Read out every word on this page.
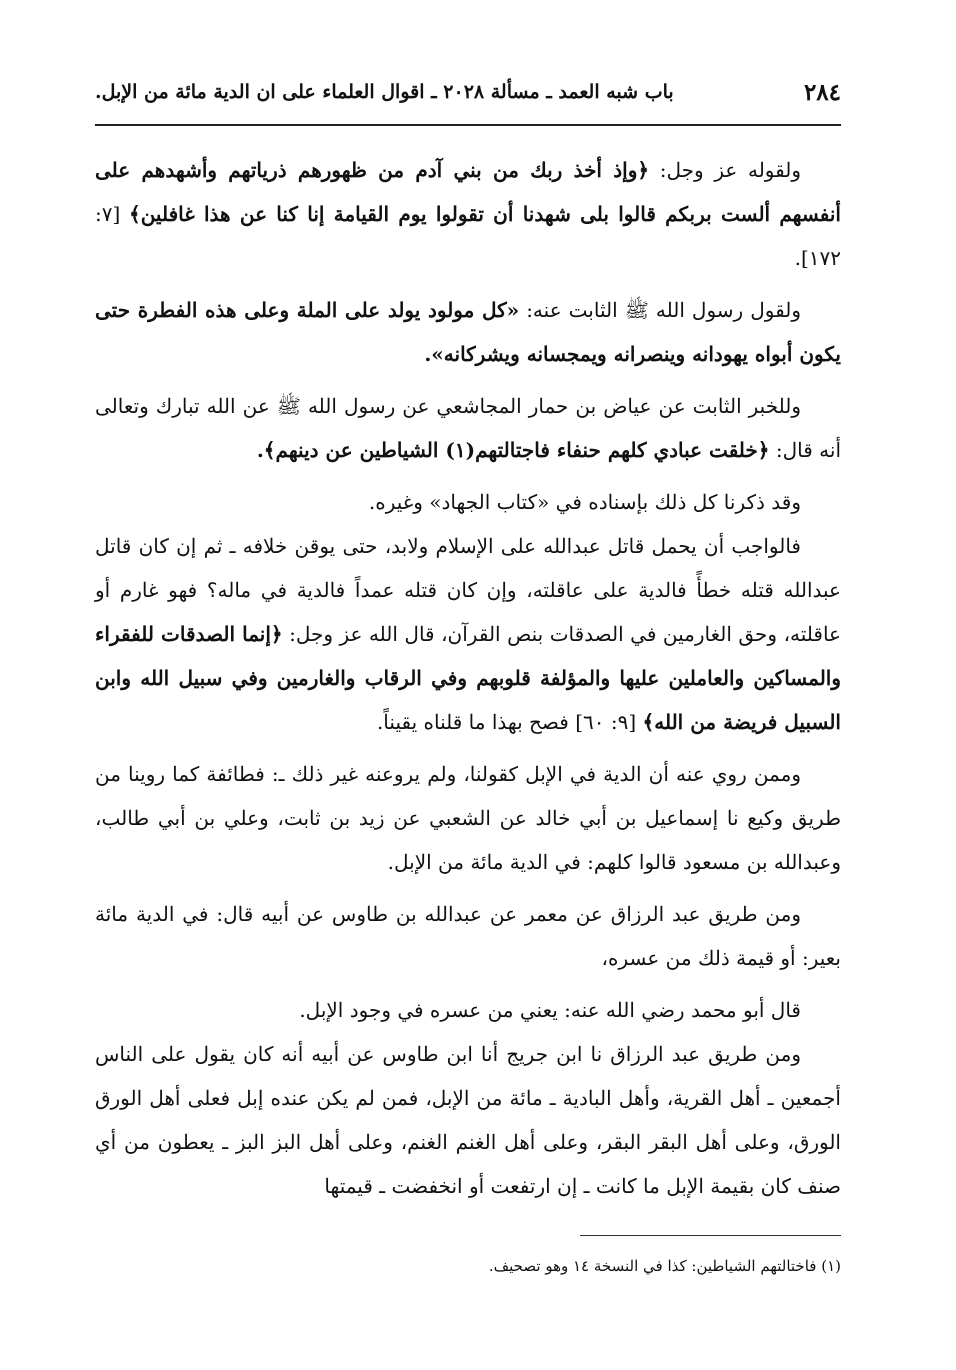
٢٨٤
باب شبه العمد ـ مسألة ٢٠٢٨ ـ اقوال العلماء على ان الدية مائة من الإبل.

ولقوله عز وجل: ﴿وإذ أخذ ربك من بني آدم من ظهورهم ذرياتهم وأشهدهم على أنفسهم ألست بربكم قالوا بلى شهدنا أن تقولوا يوم القيامة إنا كنا عن هذا غافلين﴾ [٧: ١٧٢].

ولقول رسول الله ﷺ الثابت عنه: «كل مولود يولد على الملة وعلى هذه الفطرة حتى يكون أبواه يهودانه وينصرانه ويمجسانه ويشركانه».

وللخبر الثابت عن عياض بن حمار المجاشعي عن رسول الله ﷺ عن الله تبارك وتعالى أنه قال: ﴿خلقت عبادي كلهم حنفاء فاجتالتهم(١) الشياطين عن دينهم﴾.

وقد ذكرنا كل ذلك بإسناده في «كتاب الجهاد» وغيره.

فالواجب أن يحمل قاتل عبدالله على الإسلام ولابد، حتى يوقن خلافه ـ ثم إن كان قاتل عبدالله قتله خطأً فالدية على عاقلته، وإن كان قتله عمداً فالدية في ماله؟ فهو غارم أو عاقلته، وحق الغارمين في الصدقات بنص القرآن، قال الله عز وجل: ﴿إنما الصدقات للفقراء والمساكين والعاملين عليها والمؤلفة قلوبهم وفي الرقاب والغارمين وفي سبيل الله وابن السبيل فريضة من الله﴾ [٩: ٦٠] فصح بهذا ما قلناه يقيناً.

وممن روي عنه أن الدية في الإبل كقولنا، ولم يروعنه غير ذلك ـ: فطائفة كما روينا من طريق وكيع نا إسماعيل بن أبي خالد عن الشعبي عن زيد بن ثابت، وعلي بن أبي طالب، وعبدالله بن مسعود قالوا كلهم: في الدية مائة من الإبل.

ومن طريق عبد الرزاق عن معمر عن عبدالله بن طاوس عن أبيه قال: في الدية مائة بعير: أو قيمة ذلك من عسره،

قال أبو محمد رضي الله عنه: يعني من عسره في وجود الإبل.

ومن طريق عبد الرزاق نا ابن جريج أنا ابن طاوس عن أبيه أنه كان يقول على الناس أجمعين ـ أهل القرية، وأهل البادية ـ مائة من الإبل، فمن لم يكن عنده إبل فعلى أهل الورق الورق، وعلى أهل البقر البقر، وعلى أهل الغنم الغنم، وعلى أهل البز البز ـ يعطون من أي صنف كان بقيمة الإبل ما كانت ـ إن ارتفعت أو انخفضت ـ قيمتها

(١) فاختالتهم الشياطين: كذا في النسخة ١٤ وهو تصحيف.
